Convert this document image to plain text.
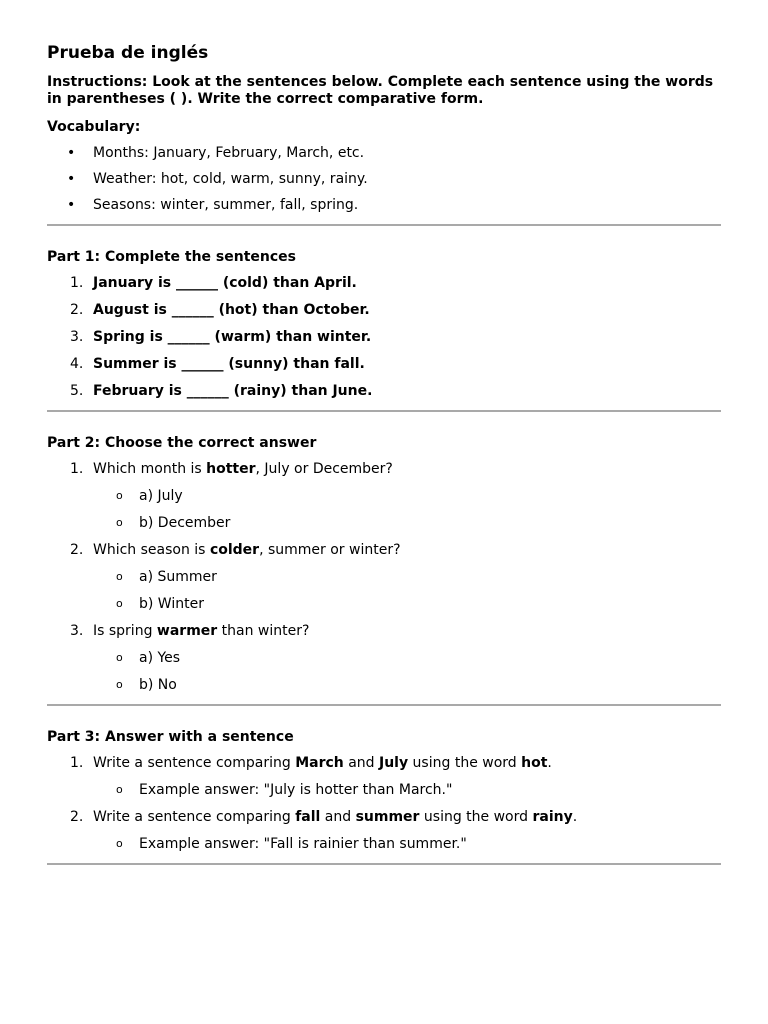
Prueba de inglés

Instructions: Look at the sentences below. Complete each sentence using the words in parentheses ( ). Write the correct comparative form.

Vocabulary:

• Months: January, February, March, etc.
• Weather: hot, cold, warm, sunny, rainy.
• Seasons: winter, summer, fall, spring.

Part 1: Complete the sentences

1. January is ______ (cold) than April.
2. August is ______ (hot) than October.
3. Spring is ______ (warm) than winter.
4. Summer is ______ (sunny) than fall.
5. February is ______ (rainy) than June.

Part 2: Choose the correct answer

1. Which month is hotter, July or December?
o a) July
o b) December
2. Which season is colder, summer or winter?
o a) Summer
o b) Winter
3. Is spring warmer than winter?
o a) Yes
o b) No

Part 3: Answer with a sentence

1. Write a sentence comparing March and July using the word hot.
o Example answer: "July is hotter than March."
2. Write a sentence comparing fall and summer using the word rainy.
o Example answer: "Fall is rainier than summer."
